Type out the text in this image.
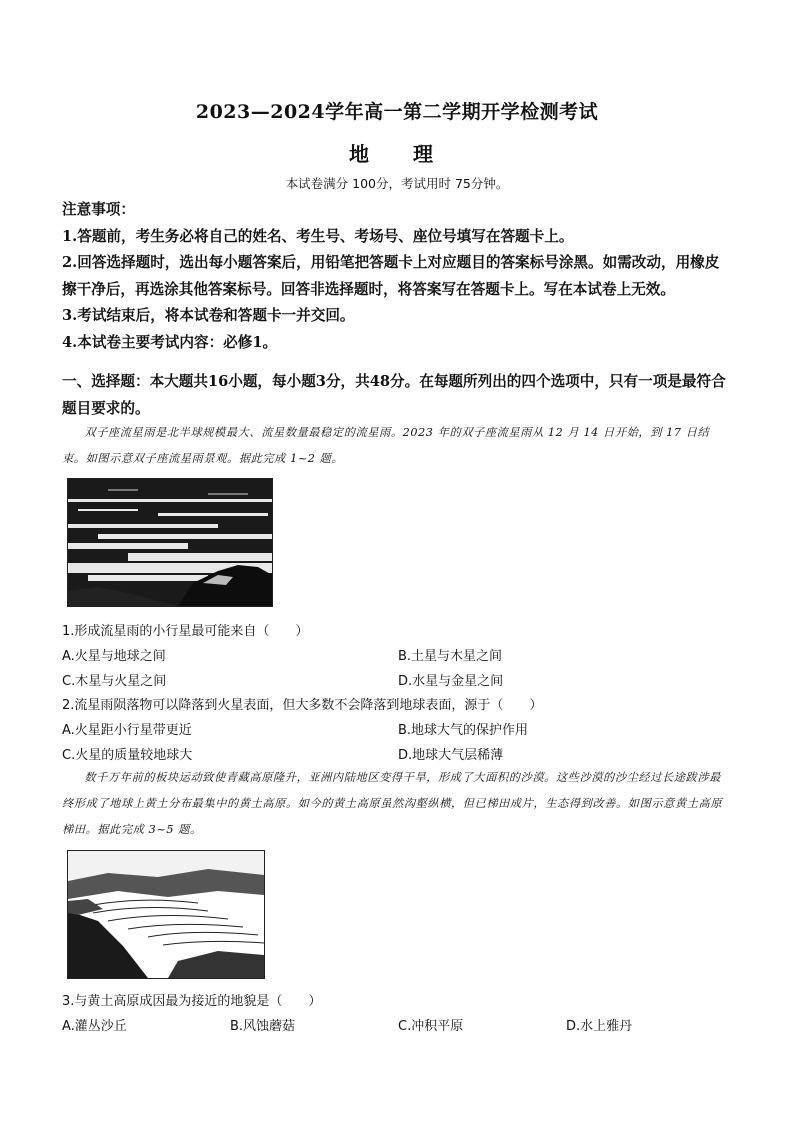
2023—2024学年高一第二学期开学检测考试
地　理
本试卷满分 100分，考试用时 75分钟。

注意事项：

1.答题前，考生务必将自己的姓名、考生号、考场号、座位号填写在答题卡上。

2.回答选择题时，选出每小题答案后，用铅笔把答题卡上对应题目的答案标号涂黑。如需改动，用橡皮擦干净后，再选涂其他答案标号。回答非选择题时，将答案写在答题卡上。写在本试卷上无效。

3.考试结束后，将本试卷和答题卡一并交回。

4.本试卷主要考试内容：必修1。

一、选择题：本大题共16小题，每小题3分，共48分。在每题所列出的四个选项中，只有一项是最符合题目要求的。

双子座流星雨是北半球规模最大、流星数量最稳定的流星雨。2023 年的双子座流星雨从 12 月 14 日开始，到 17 日结束。如图示意双子座流星雨景观。据此完成 1~2 题。

1.形成流星雨的小行星最可能来自（　　）
A.火星与地球之间	B.土星与木星之间
C.木星与火星之间	D.水星与金星之间
2.流星雨陨落物可以降落到火星表面，但大多数不会降落到地球表面，源于（　　）
A.火星距小行星带更近	B.地球大气的保护作用
C.火星的质量较地球大	D.地球大气层稀薄

数千万年前的板块运动致使青藏高原隆升，亚洲内陆地区变得干旱，形成了大面积的沙漠。这些沙漠的沙尘经过长途跋涉最终形成了地球上黄土分布最集中的黄土高原。如今的黄土高原虽然沟壑纵横，但已梯田成片，生态得到改善。如图示意黄土高原梯田。据此完成 3~5 题。

3.与黄土高原成因最为接近的地貌是（　　）
A.灌丛沙丘	B.风蚀蘑菇	C.冲积平原	D.水上雅丹
